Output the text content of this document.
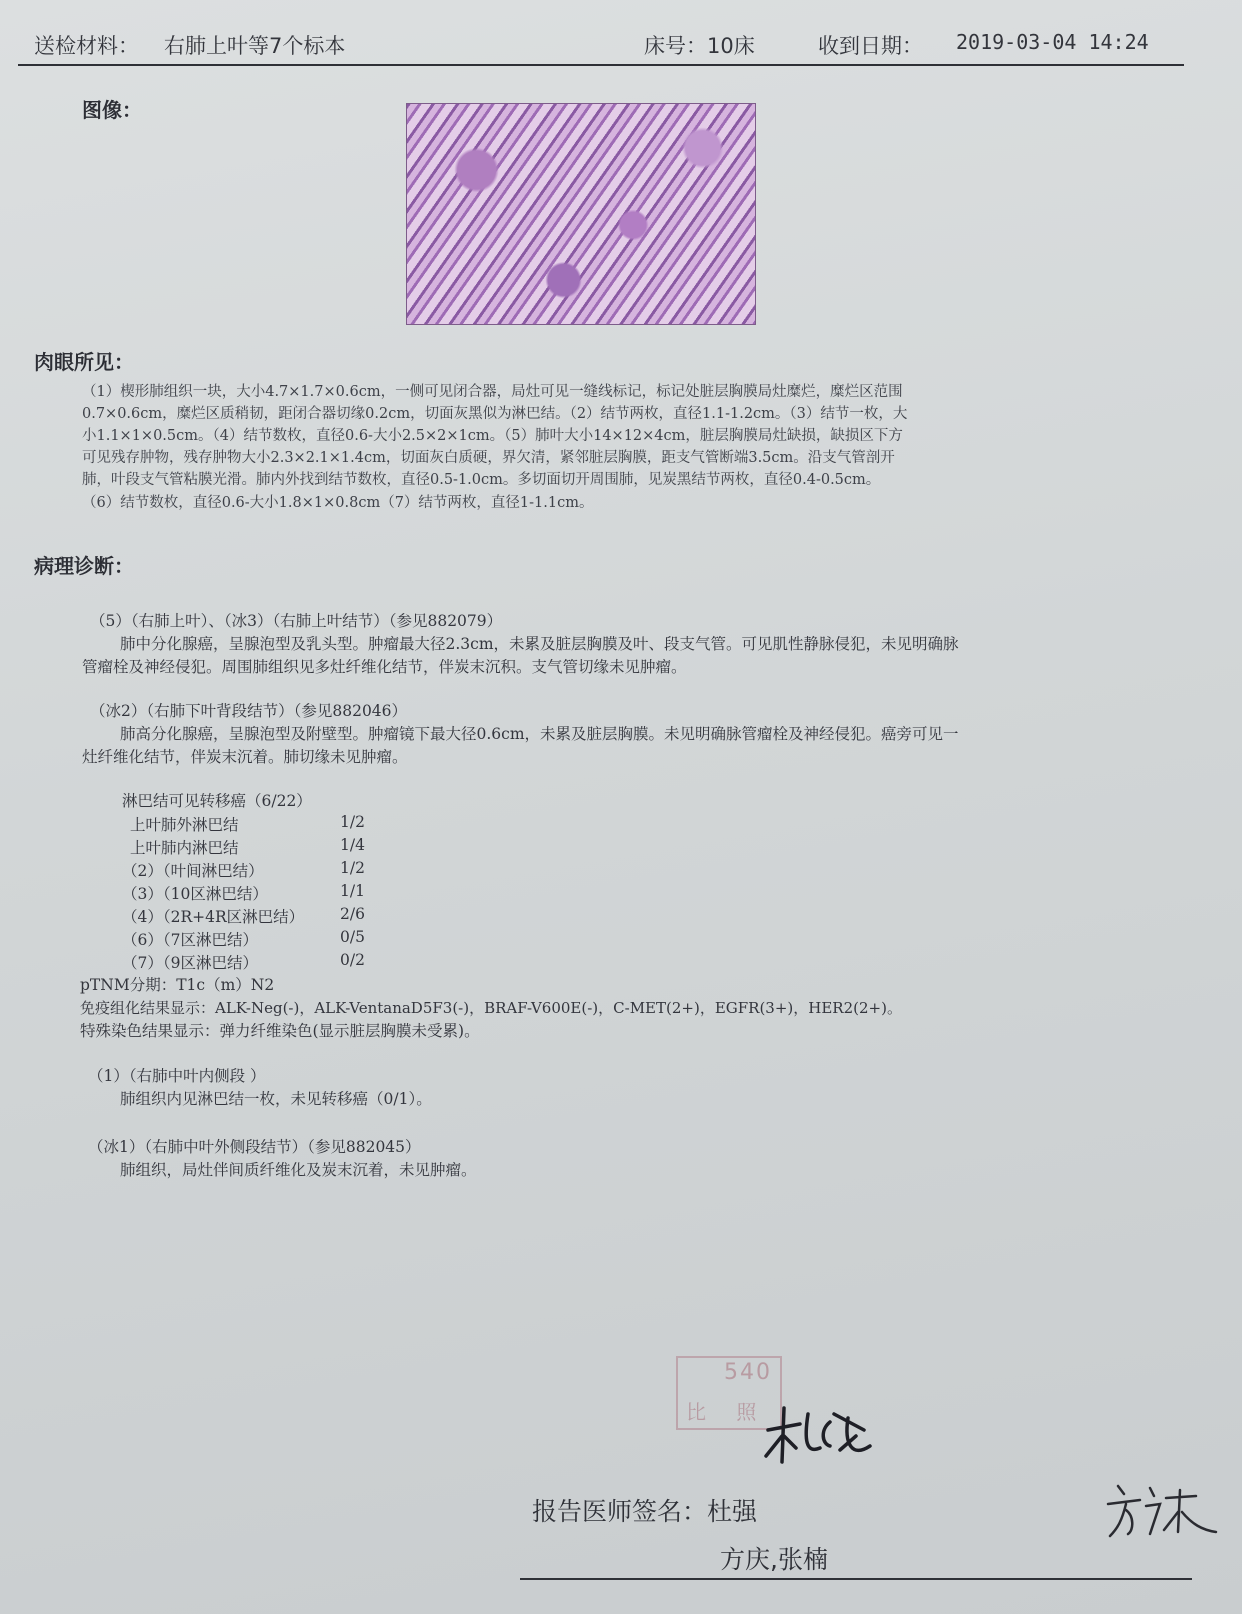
送检材料： 右肺上叶等7个标本	床号：10床	收到日期： 2019-03-04 14:24
图像：
肉眼所见：
（1）楔形肺组织一块，大小4.7×1.7×0.6cm，一侧可见闭合器，局灶可见一缝线标记，标记处脏层胸膜局灶糜烂，糜烂区范围
0.7×0.6cm，糜烂区质稍韧，距闭合器切缘0.2cm，切面灰黑似为淋巴结。（2）结节两枚，直径1.1-1.2cm。（3）结节一枚，大
小1.1×1×0.5cm。（4）结节数枚，直径0.6-大小2.5×2×1cm。（5）肺叶大小14×12×4cm，脏层胸膜局灶缺损，缺损区下方
可见残存肿物，残存肿物大小2.3×2.1×1.4cm，切面灰白质硬，界欠清，紧邻脏层胸膜，距支气管断端3.5cm。沿支气管剖开
肺，叶段支气管粘膜光滑。肺内外找到结节数枚，直径0.5-1.0cm。多切面切开周围肺，见炭黑结节两枚，直径0.4-0.5cm。
（6）结节数枚，直径0.6-大小1.8×1×0.8cm（7）结节两枚，直径1-1.1cm。
病理诊断：
（5）（右肺上叶）、（冰3）（右肺上叶结节）（参见882079）
肺中分化腺癌，呈腺泡型及乳头型。肿瘤最大径2.3cm，未累及脏层胸膜及叶、段支气管。可见肌性静脉侵犯，未见明确脉
管瘤栓及神经侵犯。周围肺组织见多灶纤维化结节，伴炭末沉积。支气管切缘未见肿瘤。
（冰2）（右肺下叶背段结节）（参见882046）
肺高分化腺癌，呈腺泡型及附壁型。肿瘤镜下最大径0.6cm，未累及脏层胸膜。未见明确脉管瘤栓及神经侵犯。癌旁可见一
灶纤维化结节，伴炭末沉着。肺切缘未见肿瘤。
淋巴结可见转移癌（6/22）
上叶肺外淋巴结	1/2
上叶肺内淋巴结	1/4
（2）（叶间淋巴结）	1/2
（3）（10区淋巴结）	1/1
（4）（2R+4R区淋巴结） 2/6
（6）（7区淋巴结）	0/5
（7）（9区淋巴结）	0/2
pTNM分期：T1c（m）N2
免疫组化结果显示：ALK-Neg(-)，ALK-VentanaD5F3(-)，BRAF-V600E(-)，C-MET(2+)，EGFR(3+)，HER2(2+)。
特殊染色结果显示：弹力纤维染色(显示脏层胸膜未受累)。
（1）（右肺中叶内侧段 ）
肺组织内见淋巴结一枚，未见转移癌（0/1）。
（冰1）（右肺中叶外侧段结节）（参见882045）
肺组织，局灶伴间质纤维化及炭末沉着，未见肿瘤。
540
比 照
报告医师签名：杜强
方庆,张楠
